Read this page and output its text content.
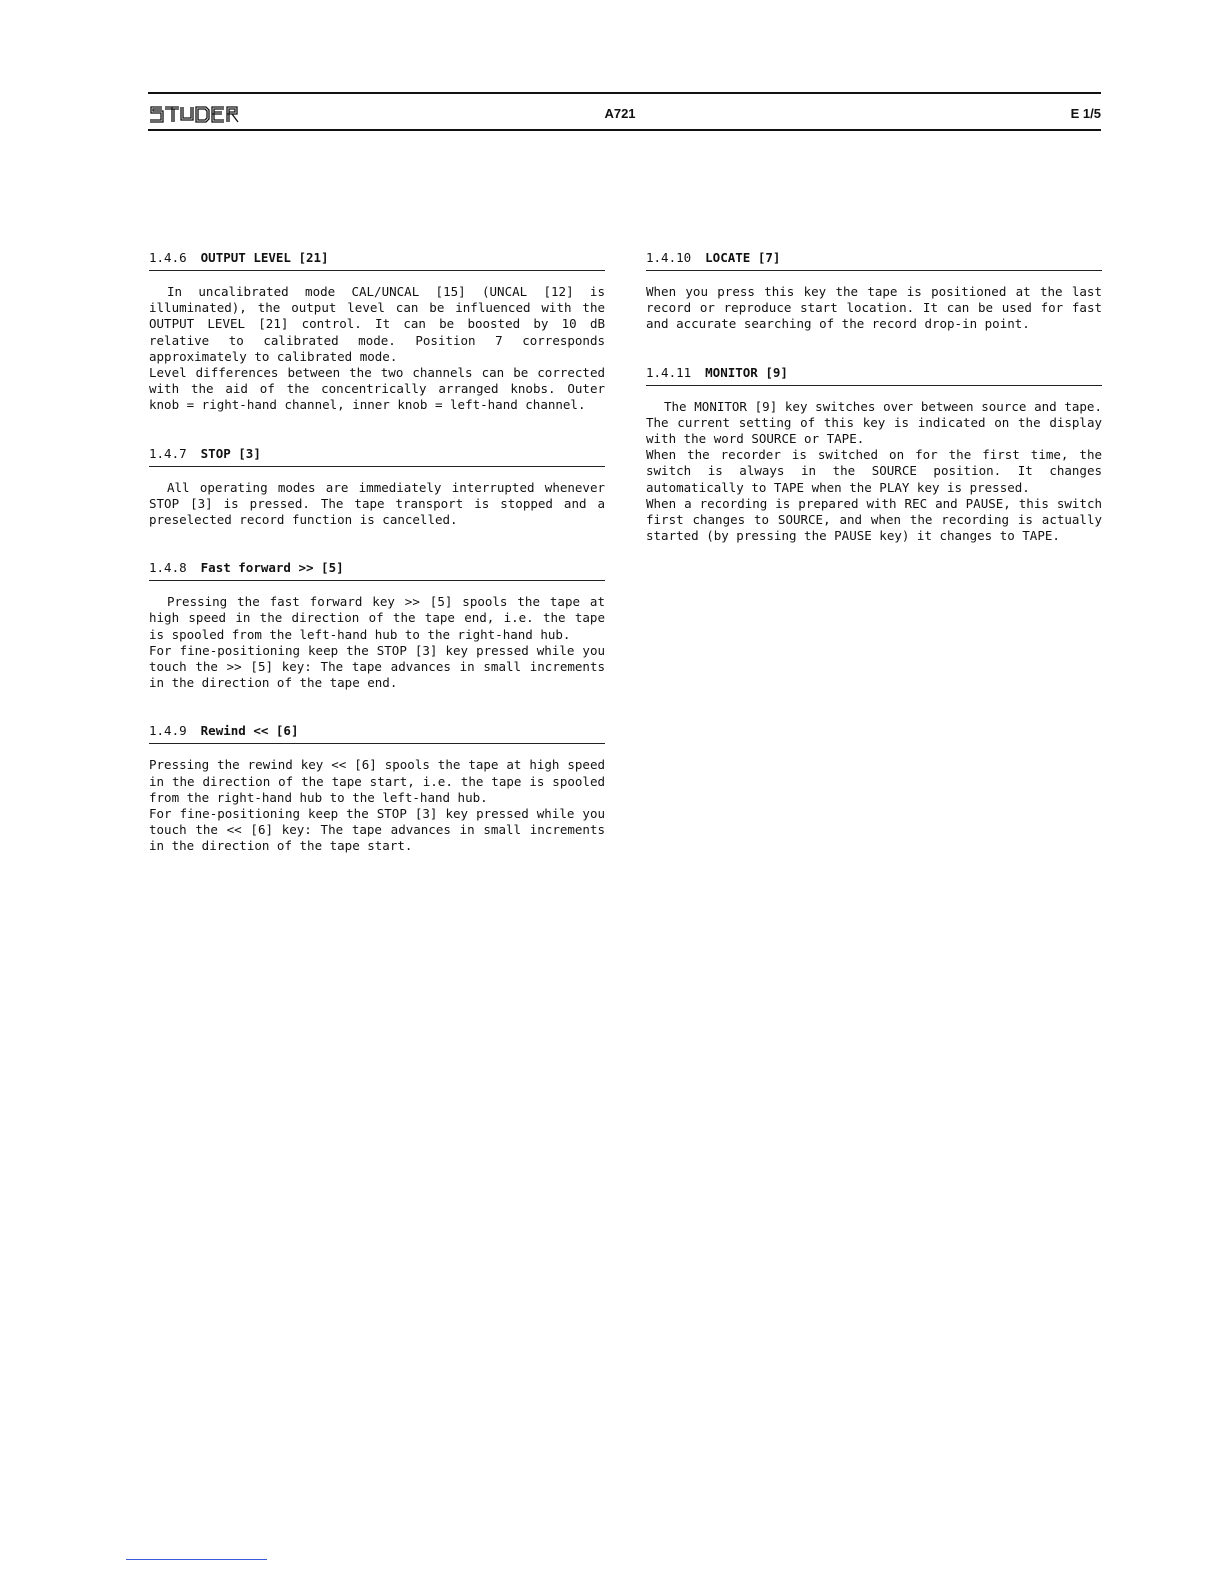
STUDER
A721	E 1/5
1.4.6 OUTPUT LEVEL [21]

In uncalibrated mode CAL/UNCAL [15] (UNCAL [12] is illuminated), the output level can be influenced with the OUTPUT LEVEL [21] control. It can be boosted by 10 dB relative to calibrated mode. Position 7 corresponds approximately to calibrated mode.

Level differences between the two channels can be corrected with the aid of the concentrically arranged knobs. Outer knob = right-hand channel, inner knob = left-hand channel.

1.4.7 STOP [3]

All operating modes are immediately interrupted whenever STOP [3] is pressed. The tape transport is stopped and a preselected record function is cancelled.

1.4.8 Fast forward >> [5]

Pressing the fast forward key >> [5] spools the tape at high speed in the direction of the tape end, i.e. the tape is spooled from the left-hand hub to the right-hand hub.

For fine-positioning keep the STOP [3] key pressed while you touch the >> [5] key: The tape advances in small increments in the direction of the tape end.

1.4.9 Rewind << [6]

Pressing the rewind key << [6] spools the tape at high speed in the direction of the tape start, i.e. the tape is spooled from the right-hand hub to the left-hand hub.

For fine-positioning keep the STOP [3] key pressed while you touch the << [6] key: The tape advances in small increments in the direction of the tape start.

1.4.10 LOCATE [7]

When you press this key the tape is positioned at the last record or reproduce start location. It can be used for fast and accurate searching of the record drop-in point.

1.4.11 MONITOR [9]

The MONITOR [9] key switches over between source and tape. The current setting of this key is indicated on the display with the word SOURCE or TAPE.

When the recorder is switched on for the first time, the switch is always in the SOURCE position. It changes automatically to TAPE when the PLAY key is pressed.

When a recording is prepared with REC and PAUSE, this switch first changes to SOURCE, and when the recording is actually started (by pressing the PAUSE key) it changes to TAPE.
